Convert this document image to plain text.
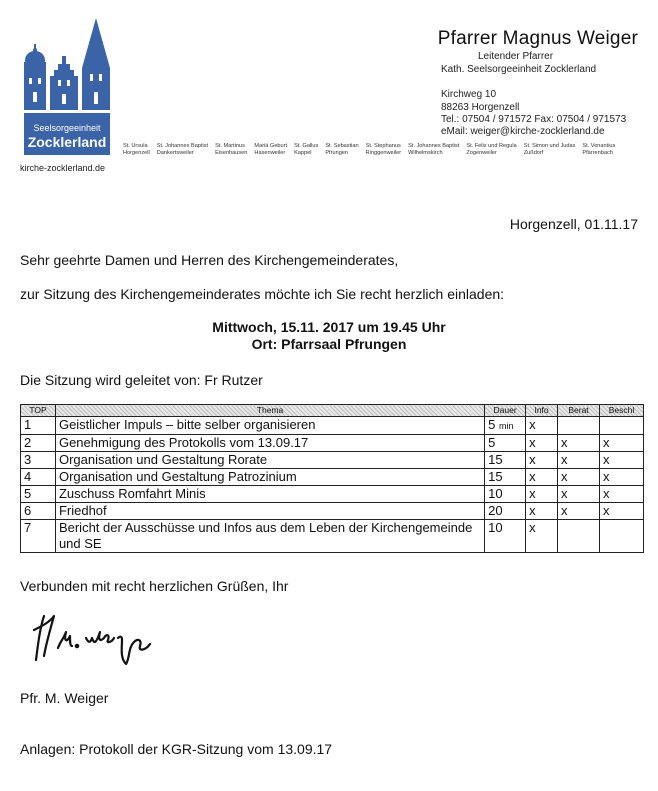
Seelsorgeeinheit
Zocklerland
kirche-zocklerland.de
Pfarrer Magnus Weiger
Leitender Pfarrer
Kath. Seelsorgeeinheit Zocklerland
Kirchweg 10
88263 Horgenzell
Tel.: 07504 / 971572 Fax: 07504 / 971573
eMail: weiger@kirche-zocklerland.de
St. Ursula
Horgenzell
St. Johannes Baptist
Dankertsweiler
St. Martinus
Eisenhausen
Mariä Geburt
Hasenweiler
St. Gallus
Kappel
St. Sebastian
Pfrungen
St. Stephanus
Ringgenweiler
St. Johannes Baptist
Wilhelmskirch
St. Felix und Regula
Zogenweiler
St. Simon und Judas
Zußdorf
St. Venantius
Pfärrenbach
Horgenzell, 01.11.17
Sehr geehrte Damen und Herren des Kirchengemeinderates,
zur Sitzung des Kirchengemeinderates möchte ich Sie recht herzlich einladen:
Mittwoch, 15.11. 2017 um 19.45 Uhr
Ort: Pfarrsaal Pfrungen
Die Sitzung wird geleitet von: Fr Rutzer
TOP	Thema	Dauer	Info	Berat	Beschl
1	Geistlicher Impuls – bitte selber organisieren	5 min	x		
2	Genehmigung des Protokolls vom 13.09.17	5	x	x	x
3	Organisation und Gestaltung Rorate	15	x	x	x
4	Organisation und Gestaltung Patrozinium	15	x	x	x
5	Zuschuss Romfahrt Minis	10	x	x	x
6	Friedhof	20	x	x	x
7	Bericht der Ausschüsse und Infos aus dem Leben der Kirchengemeinde und SE	10	x		
Verbunden mit recht herzlichen Grüßen, Ihr
Pfr. M. Weiger
Anlagen: Protokoll der KGR-Sitzung vom 13.09.17
